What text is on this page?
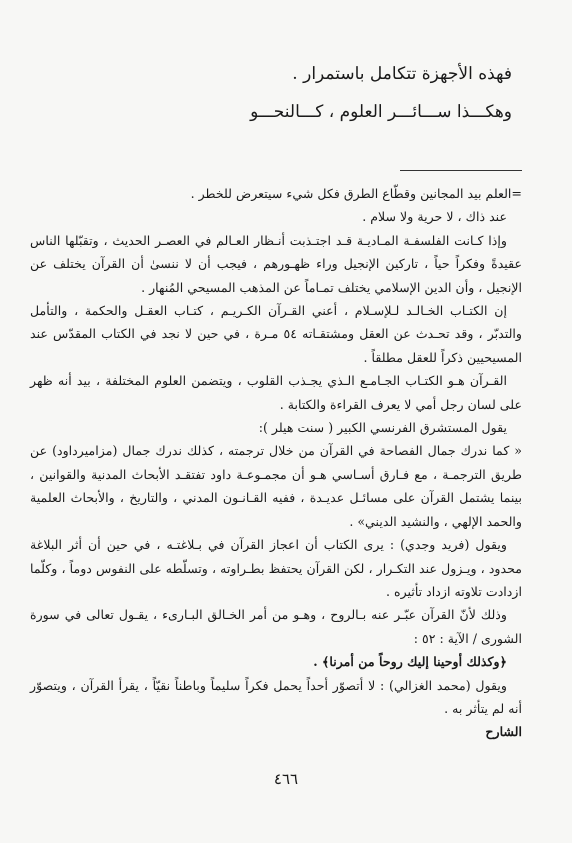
فهذه الأجهزة تتكامل باستمرار .
وهكـــذا ســـائـــر العلوم ، كـــالنحـــو

=العلم بيد المجانين وقطّاع الطرق فكل شيء سيتعرض للخطر .

عند ذاك ، لا حرية ولا سلام .

وإذا كـانت الفلسفـة المـاديـة قـد اجتـذبت أنـظار العـالم في العصـر الحديث ، وتقبّلها الناس عقيدةً وفكراً حياً ، تاركين الإنجيل وراء ظهـورهم ، فيجب أن لا ننسىٰ أن القرآن يختلف عن الإنجيل ، وأن الدين الإسلامي يختلف تمـاماً عن المذهب المسيحي المُنهار .

إن الكتـاب الخـالـد لـلإسـلام ، أعني القـرآن الكـريـم ، كتـاب العقـل والحكمة ، والتأمل والتدبّر ، وقد تحـدث عن العقل ومشتقـاته ٥٤ مـرة ، في حين لا نجد في الكتاب المقدّس عند المسيحيين ذكراً للعقل مطلقاً .

القـرآن هـو الكتـاب الجـامـع الـذي يجـذب القلوب ، ويتضمن العلوم المختلفة ، بيد أنه ظهر على لسان رجل أمي لا يعرف القراءة والكتابة .

يقول المستشرق الفرنسي الكبير ( سنت هيلر ):

« كما ندرك جمال الفصاحة في القرآن من خلال ترجمته ، كذلك ندرك جمال (مزاميرداود) عن طريق الترجمـة ، مع فـارق أسـاسي هـو أن مجمـوعـة داود تفتقـد الأبحاث المدنية والقوانين ، بينما يشتمل القرآن على مسائـل عديـدة ، ففيه القـانـون المدني ، والتاريخ ، والأبحاث العلمية والحمد الإلهي ، والنشيد الديني» .

ويقول (فريد وجدي) : يرى الكتاب أن اعجاز القرآن في بـلاغتـه ، في حين أن أثر البلاغة محدود ، ويـزول عند التكـرار ، لكن القرآن يحتفظ بطـراوته ، وتسلّطه على النفوس دوماً ، وكلّما ازدادت تلاوته ازداد تأثيره .

وذلك لأنّ القرآن عبّـر عنه بـالروح ، وهـو من أمر الخـالق البـارىء ، يقـول تعالى في سورة الشورى / الآية : ٥٢ :

﴿وكذلك أوحينا إليك روحاً من أمرنا﴾ .

ويقول (محمد الغزالي) : لا أتصوّر أحداً يحمل فكراً سليماً وباطناً نقيّاً ، يقرأ القرآن ، ويتصوّر أنه لم يتأثر به .

الشارح

٤٦٦
